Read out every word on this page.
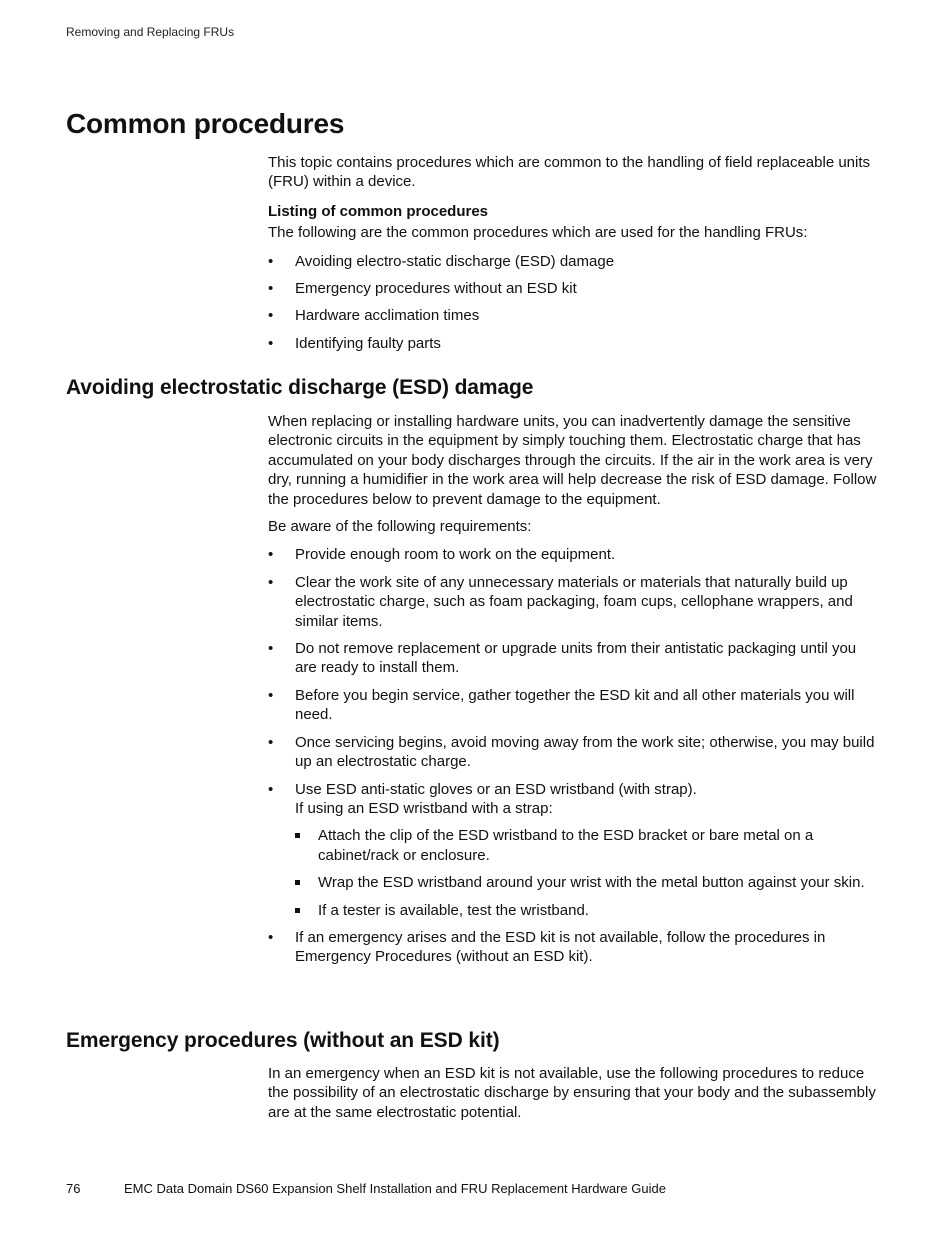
Removing and Replacing FRUs
Common procedures

This topic contains procedures which are common to the handling of field replaceable units (FRU) within a device.

Listing of common procedures

The following are the common procedures which are used for the handling FRUs:

• Avoiding electro-static discharge (ESD) damage
• Emergency procedures without an ESD kit
• Hardware acclimation times
• Identifying faulty parts
Avoiding electrostatic discharge (ESD) damage

When replacing or installing hardware units, you can inadvertently damage the sensitive electronic circuits in the equipment by simply touching them. Electrostatic charge that has accumulated on your body discharges through the circuits. If the air in the work area is very dry, running a humidifier in the work area will help decrease the risk of ESD damage. Follow the procedures below to prevent damage to the equipment.

Be aware of the following requirements:

• Provide enough room to work on the equipment.
• Clear the work site of any unnecessary materials or materials that naturally build up electrostatic charge, such as foam packaging, foam cups, cellophane wrappers, and similar items.
• Do not remove replacement or upgrade units from their antistatic packaging until you are ready to install them.
• Before you begin service, gather together the ESD kit and all other materials you will need.
• Once servicing begins, avoid moving away from the work site; otherwise, you may build up an electrostatic charge.
• Use ESD anti-static gloves or an ESD wristband (with strap).
If using an ESD wristband with a strap:
Attach the clip of the ESD wristband to the ESD bracket or bare metal on a cabinet/rack or enclosure.
Wrap the ESD wristband around your wrist with the metal button against your skin.
If a tester is available, test the wristband.
• If an emergency arises and the ESD kit is not available, follow the procedures in Emergency Procedures (without an ESD kit).
Emergency procedures (without an ESD kit)

In an emergency when an ESD kit is not available, use the following procedures to reduce the possibility of an electrostatic discharge by ensuring that your body and the subassembly are at the same electrostatic potential.

76	EMC Data Domain DS60 Expansion Shelf Installation and FRU Replacement Hardware Guide
